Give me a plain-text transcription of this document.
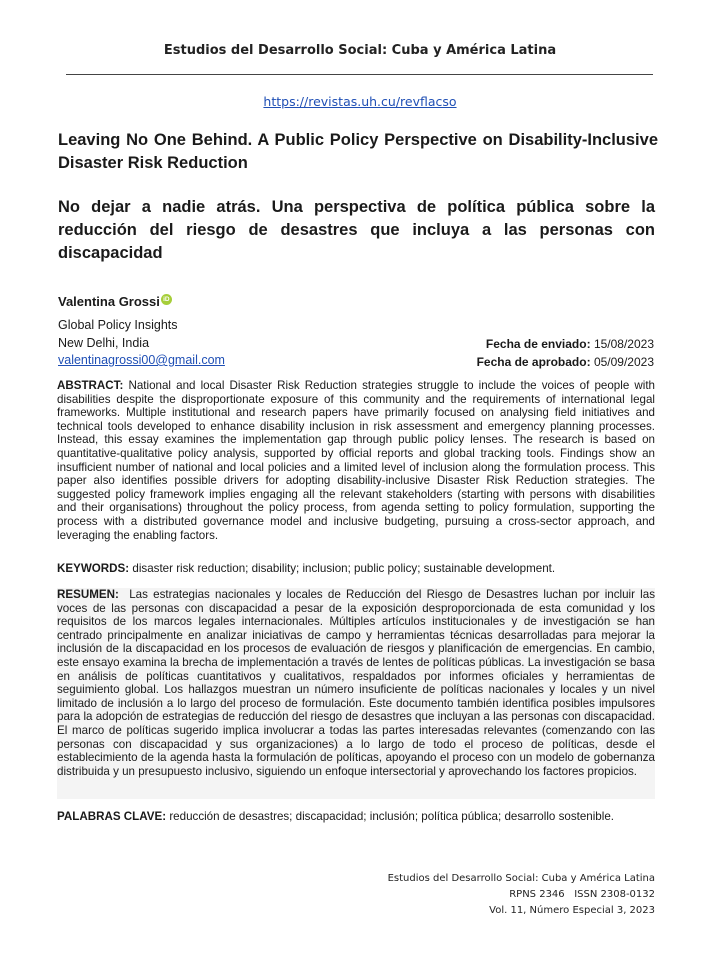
Estudios del Desarrollo Social: Cuba y América Latina
https://revistas.uh.cu/revflacso
Leaving No One Behind. A Public Policy Perspective on Disability-Inclusive Disaster Risk Reduction
No dejar a nadie atrás. Una perspectiva de política pública sobre la reducción del riesgo de desastres que incluya a las personas con discapacidad
Valentina Grossi iD
Global Policy Insights
New Delhi, India
valentinagrossi00@gmail.com
Fecha de enviado: 15/08/2023
Fecha de aprobado: 05/09/2023
ABSTRACT: National and local Disaster Risk Reduction strategies struggle to include the voices of people with disabilities despite the disproportionate exposure of this community and the requirements of international legal frameworks. Multiple institutional and research papers have primarily focused on analysing field initiatives and technical tools developed to enhance disability inclusion in risk assessment and emergency planning processes. Instead, this essay examines the implementation gap through public policy lenses. The research is based on quantitative-qualitative policy analysis, supported by official reports and global tracking tools. Findings show an insufficient number of national and local policies and a limited level of inclusion along the formulation process. This paper also identifies possible drivers for adopting disability-inclusive Disaster Risk Reduction strategies. The suggested policy framework implies engaging all the relevant stakeholders (starting with persons with disabilities and their organisations) throughout the policy process, from agenda setting to policy formulation, supporting the process with a distributed governance model and inclusive budgeting, pursuing a cross-sector approach, and leveraging the enabling factors.
KEYWORDS: disaster risk reduction; disability; inclusion; public policy; sustainable development.
RESUMEN: Las estrategias nacionales y locales de Reducción del Riesgo de Desastres luchan por incluir las voces de las personas con discapacidad a pesar de la exposición desproporcionada de esta comunidad y los requisitos de los marcos legales internacionales. Múltiples artículos institucionales y de investigación se han centrado principalmente en analizar iniciativas de campo y herramientas técnicas desarrolladas para mejorar la inclusión de la discapacidad en los procesos de evaluación de riesgos y planificación de emergencias. En cambio, este ensayo examina la brecha de implementación a través de lentes de políticas públicas. La investigación se basa en análisis de políticas cuantitativos y cualitativos, respaldados por informes oficiales y herramientas de seguimiento global. Los hallazgos muestran un número insuficiente de políticas nacionales y locales y un nivel limitado de inclusión a lo largo del proceso de formulación. Este documento también identifica posibles impulsores para la adopción de estrategias de reducción del riesgo de desastres que incluyan a las personas con discapacidad. El marco de políticas sugerido implica involucrar a todas las partes interesadas relevantes (comenzando con las personas con discapacidad y sus organizaciones) a lo largo de todo el proceso de políticas, desde el establecimiento de la agenda hasta la formulación de políticas, apoyando el proceso con un modelo de gobernanza distribuida y un presupuesto inclusivo, siguiendo un enfoque intersectorial y aprovechando los factores propicios.
PALABRAS CLAVE: reducción de desastres; discapacidad; inclusión; política pública; desarrollo sostenible.
Estudios del Desarrollo Social: Cuba y América Latina
RPNS 2346   ISSN 2308-0132
Vol. 11, Número Especial 3, 2023
